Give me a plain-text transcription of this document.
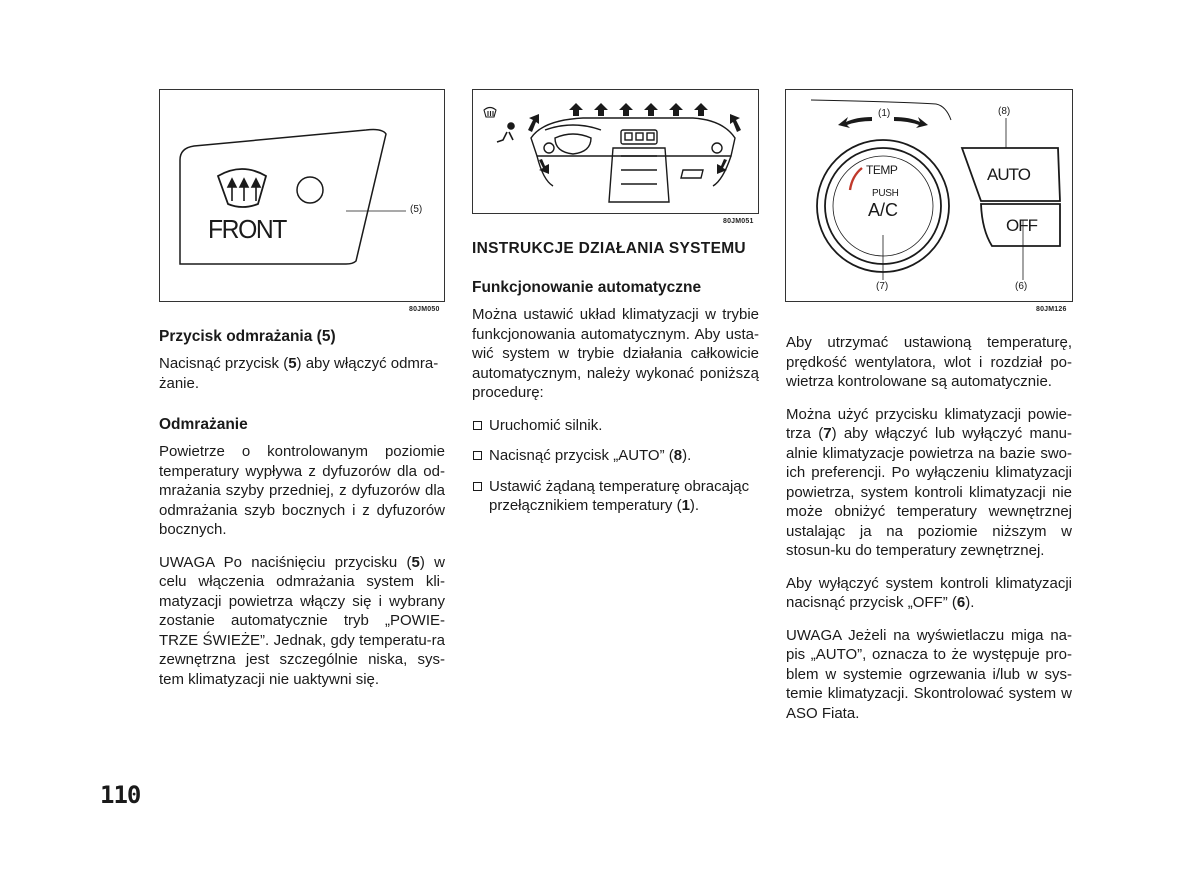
FRONT
(5)
80JM050
80JM051
(1)	(8)
(7)	(6)
TEMP
PUSH
A/C
AUTO
OFF
80JM126
Przycisk odmrażania (5)

Nacisnąć przycisk (5) aby włączyć odmra-żanie.

Odmrażanie

Powietrze o kontrolowanym poziomie temperatury wypływa z dyfuzorów dla od-mrażania szyby przedniej, z dyfuzorów dla odmrażania szyb bocznych i z dyfuzorów bocznych.

UWAGA Po naciśnięciu przycisku (5) w celu włączenia odmrażania system kli-matyzacji powietrza włączy się i wybrany zostanie automatycznie tryb „POWIE-TRZE ŚWIEŻE”. Jednak, gdy temperatu-ra zewnętrzna jest szczególnie niska, sys-tem klimatyzacji nie uaktywni się.

INSTRUKCJE DZIAŁANIA SYSTEMU
Funkcjonowanie automatyczne

Można ustawić układ klimatyzacji w trybie funkcjonowania automatycznym. Aby usta-wić system w trybie działania całkowicie automatycznym, należy wykonać poniższą procedurę:

Uruchomić silnik.
Nacisnąć przycisk „AUTO” (8).
Ustawić żądaną temperaturę obracając przełącznikiem temperatury (1).

Aby utrzymać ustawioną temperaturę, prędkość wentylatora, wlot i rozdział po-wietrza kontrolowane są automatycznie.

Można użyć przycisku klimatyzacji powie-trza (7) aby włączyć lub wyłączyć manu-alnie klimatyzacje powietrza na bazie swo-ich preferencji. Po wyłączeniu klimatyzacji powietrza, system kontroli klimatyzacji nie może obniżyć temperatury wewnętrznej ustalając ja na poziomie niższym w stosun-ku do temperatury zewnętrznej.

Aby wyłączyć system kontroli klimatyzacji nacisnąć przycisk „OFF” (6).

UWAGA Jeżeli na wyświetlaczu miga na-pis „AUTO”, oznacza to że występuje pro-blem w systemie ogrzewania i/lub w sys-temie klimatyzacji. Skontrolować system w ASO Fiata.

110
